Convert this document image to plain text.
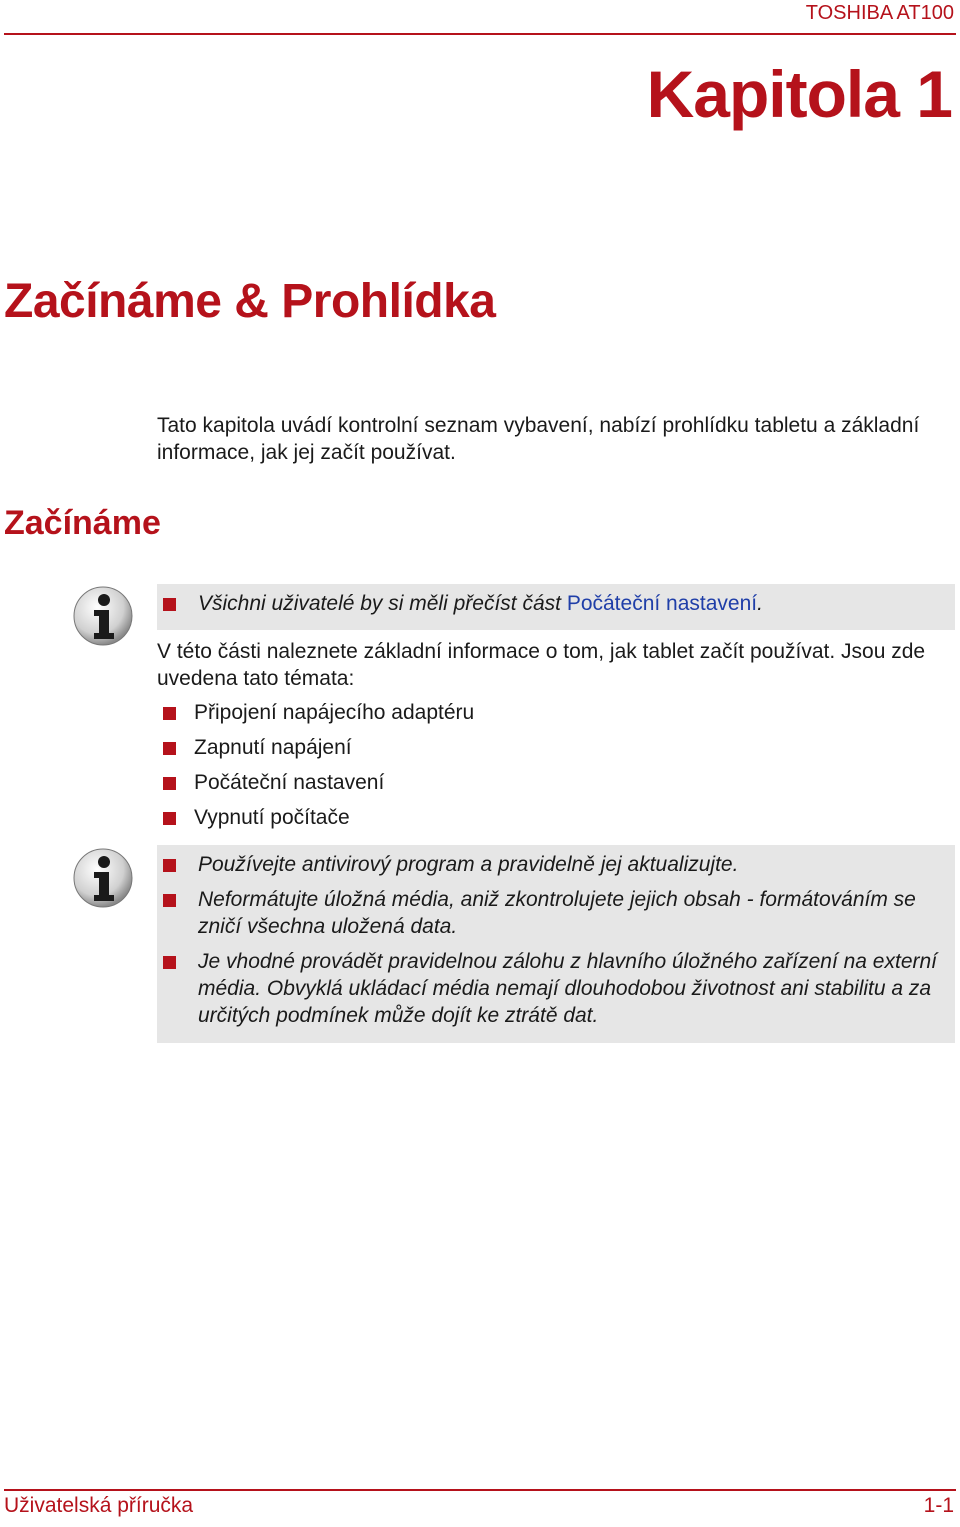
TOSHIBA AT100
Kapitola 1
Začínáme & Prohlídka
Tato kapitola uvádí kontrolní seznam vybavení, nabízí prohlídku tabletu a základní informace, jak jej začít používat.
Začínáme
Všichni uživatelé by si měli přečíst část Počáteční nastavení.
V této části naleznete základní informace o tom, jak tablet začít používat. Jsou zde uvedena tato témata:
Připojení napájecího adaptéru
Zapnutí napájení
Počáteční nastavení
Vypnutí počítače
Používejte antivirový program a pravidelně jej aktualizujte.
Neformátujte úložná média, aniž zkontrolujete jejich obsah - formátováním se zničí všechna uložená data.
Je vhodné provádět pravidelnou zálohu z hlavního úložného zařízení na externí média. Obvyklá ukládací média nemají dlouhodobou životnost ani stabilitu a za určitých podmínek může dojít ke ztrátě dat.
Uživatelská příručka	1-1
